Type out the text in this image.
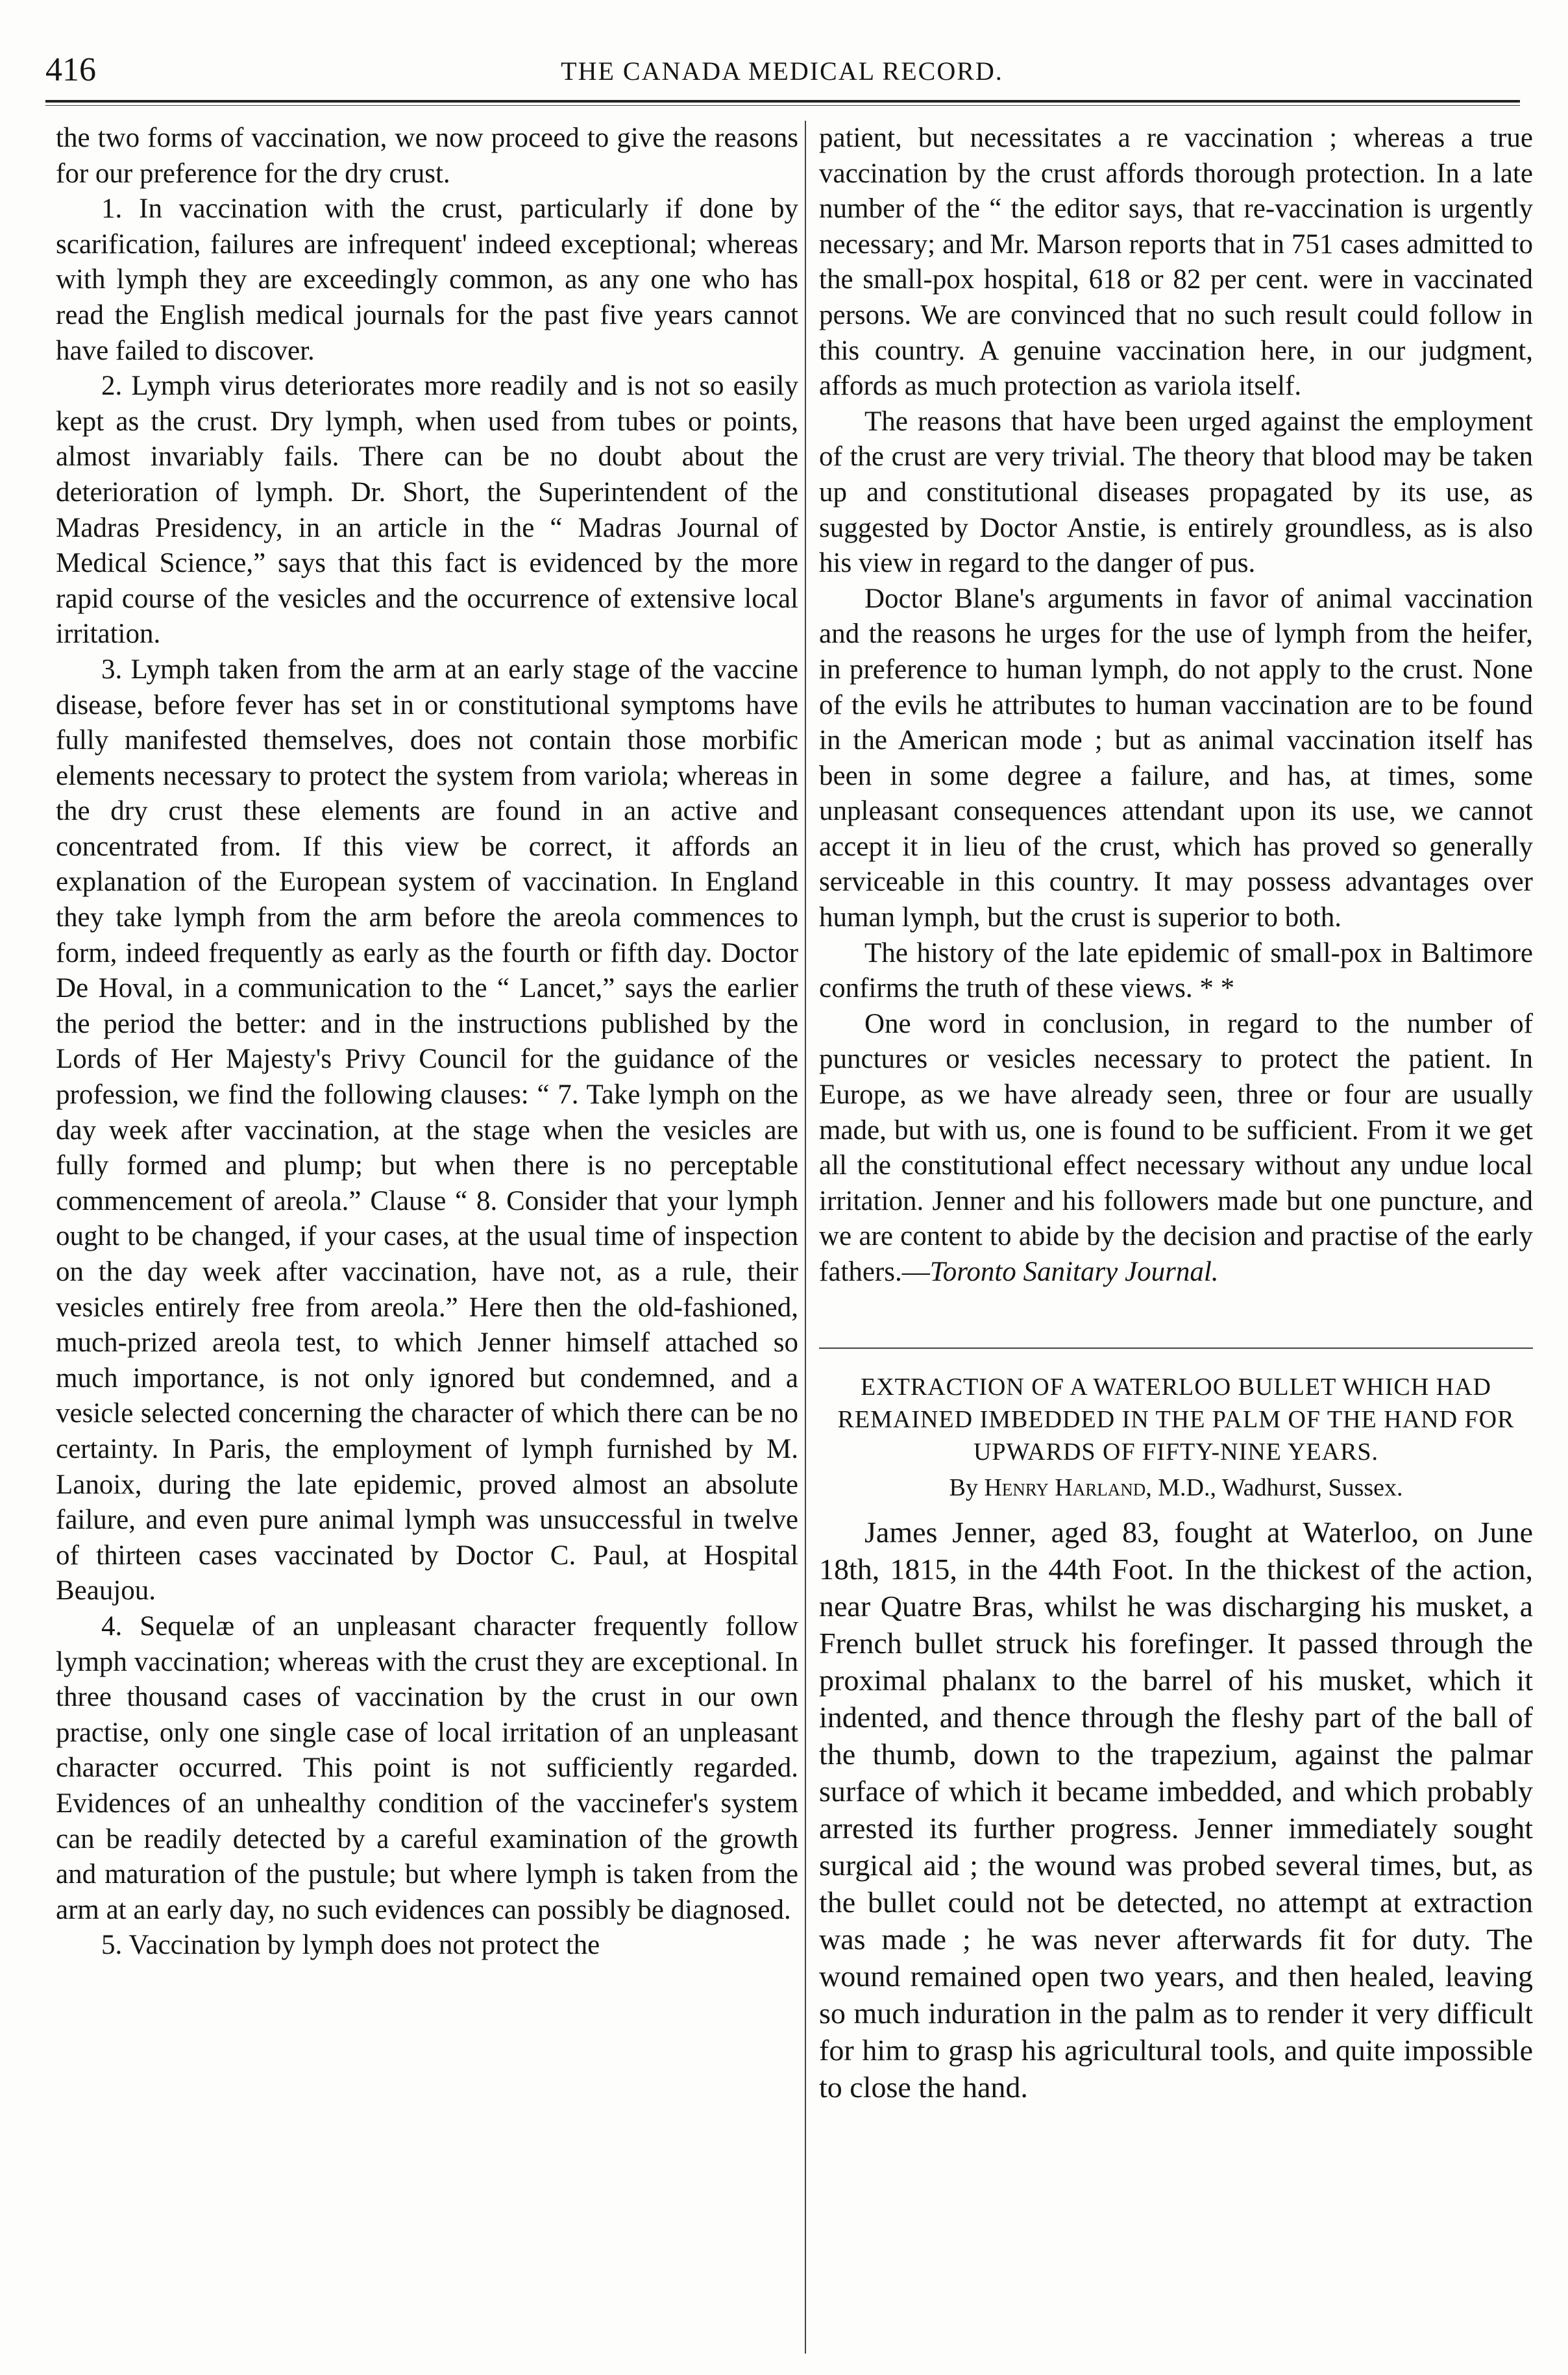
416	THE CANADA MEDICAL RECORD.

the two forms of vaccination, we now proceed to give the reasons for our preference for the dry crust.

1. In vaccination with the crust, particularly if done by scarification, failures are infrequent' indeed exceptional; whereas with lymph they are exceedingly common, as any one who has read the English medical journals for the past five years cannot have failed to discover.

2. Lymph virus deteriorates more readily and is not so easily kept as the crust. Dry lymph, when used from tubes or points, almost invariably fails. There can be no doubt about the deterioration of lymph. Dr. Short, the Superintendent of the Madras Presidency, in an article in the “ Madras Journal of Medical Science,” says that this fact is evidenced by the more rapid course of the vesicles and the occurrence of extensive local irritation.

3. Lymph taken from the arm at an early stage of the vaccine disease, before fever has set in or constitutional symptoms have fully manifested themselves, does not contain those morbific elements necessary to protect the system from variola; whereas in the dry crust these elements are found in an active and concentrated from. If this view be correct, it affords an explanation of the European system of vaccination. In England they take lymph from the arm before the areola commences to form, indeed frequently as early as the fourth or fifth day. Doctor De Hoval, in a communication to the “ Lancet,” says the earlier the period the better: and in the instructions published by the Lords of Her Majesty's Privy Council for the guidance of the profession, we find the following clauses: “ 7. Take lymph on the day week after vaccination, at the stage when the vesicles are fully formed and plump; but when there is no perceptable commencement of areola.” Clause “ 8. Consider that your lymph ought to be changed, if your cases, at the usual time of inspection on the day week after vaccination, have not, as a rule, their vesicles entirely free from areola.” Here then the old-fashioned, much-prized areola test, to which Jenner himself attached so much importance, is not only ignored but condemned, and a vesicle selected concerning the character of which there can be no certainty. In Paris, the employment of lymph furnished by M. Lanoix, during the late epidemic, proved almost an absolute failure, and even pure animal lymph was unsuccessful in twelve of thirteen cases vaccinated by Doctor C. Paul, at Hospital Beaujou.

4. Sequelæ of an unpleasant character frequently follow lymph vaccination; whereas with the crust they are exceptional. In three thousand cases of vaccination by the crust in our own practise, only one single case of local irritation of an unpleasant character occurred. This point is not sufficiently regarded. Evidences of an unhealthy condition of the vaccinefer's system can be readily detected by a careful examination of the growth and maturation of the pustule; but where lymph is taken from the arm at an early day, no such evidences can possibly be diagnosed.

5. Vaccination by lymph does not protect the

patient, but necessitates a re vaccination ; whereas a true vaccination by the crust affords thorough protection. In a late number of the “ the editor says, that re-vaccination is urgently necessary; and Mr. Marson reports that in 751 cases admitted to the small-pox hospital, 618 or 82 per cent. were in vaccinated persons. We are convinced that no such result could follow in this country. A genuine vaccination here, in our judgment, affords as much protection as variola itself.

The reasons that have been urged against the employment of the crust are very trivial. The theory that blood may be taken up and constitutional diseases propagated by its use, as suggested by Doctor Anstie, is entirely groundless, as is also his view in regard to the danger of pus.

Doctor Blane's arguments in favor of animal vaccination and the reasons he urges for the use of lymph from the heifer, in preference to human lymph, do not apply to the crust. None of the evils he attributes to human vaccination are to be found in the American mode ; but as animal vaccination itself has been in some degree a failure, and has, at times, some unpleasant consequences attendant upon its use, we cannot accept it in lieu of the crust, which has proved so generally serviceable in this country. It may possess advantages over human lymph, but the crust is superior to both.

The history of the late epidemic of small-pox in Baltimore confirms the truth of these views. * *

One word in conclusion, in regard to the number of punctures or vesicles necessary to protect the patient. In Europe, as we have already seen, three or four are usually made, but with us, one is found to be sufficient. From it we get all the constitutional effect necessary without any undue local irritation. Jenner and his followers made but one puncture, and we are content to abide by the decision and practise of the early fathers.—Toronto Sanitary Journal.

EXTRACTION OF A WATERLOO BULLET WHICH HAD REMAINED IMBEDDED IN THE PALM OF THE HAND FOR UPWARDS OF FIFTY-NINE YEARS.
By Henry Harland, M.D., Wadhurst, Sussex.

James Jenner, aged 83, fought at Waterloo, on June 18th, 1815, in the 44th Foot. In the thickest of the action, near Quatre Bras, whilst he was discharging his musket, a French bullet struck his forefinger. It passed through the proximal phalanx to the barrel of his musket, which it indented, and thence through the fleshy part of the ball of the thumb, down to the trapezium, against the palmar surface of which it became imbedded, and which probably arrested its further progress. Jenner immediately sought surgical aid ; the wound was probed several times, but, as the bullet could not be detected, no attempt at extraction was made ; he was never afterwards fit for duty. The wound remained open two years, and then healed, leaving so much induration in the palm as to render it very difficult for him to grasp his agricultural tools, and quite impossible to close the hand.
